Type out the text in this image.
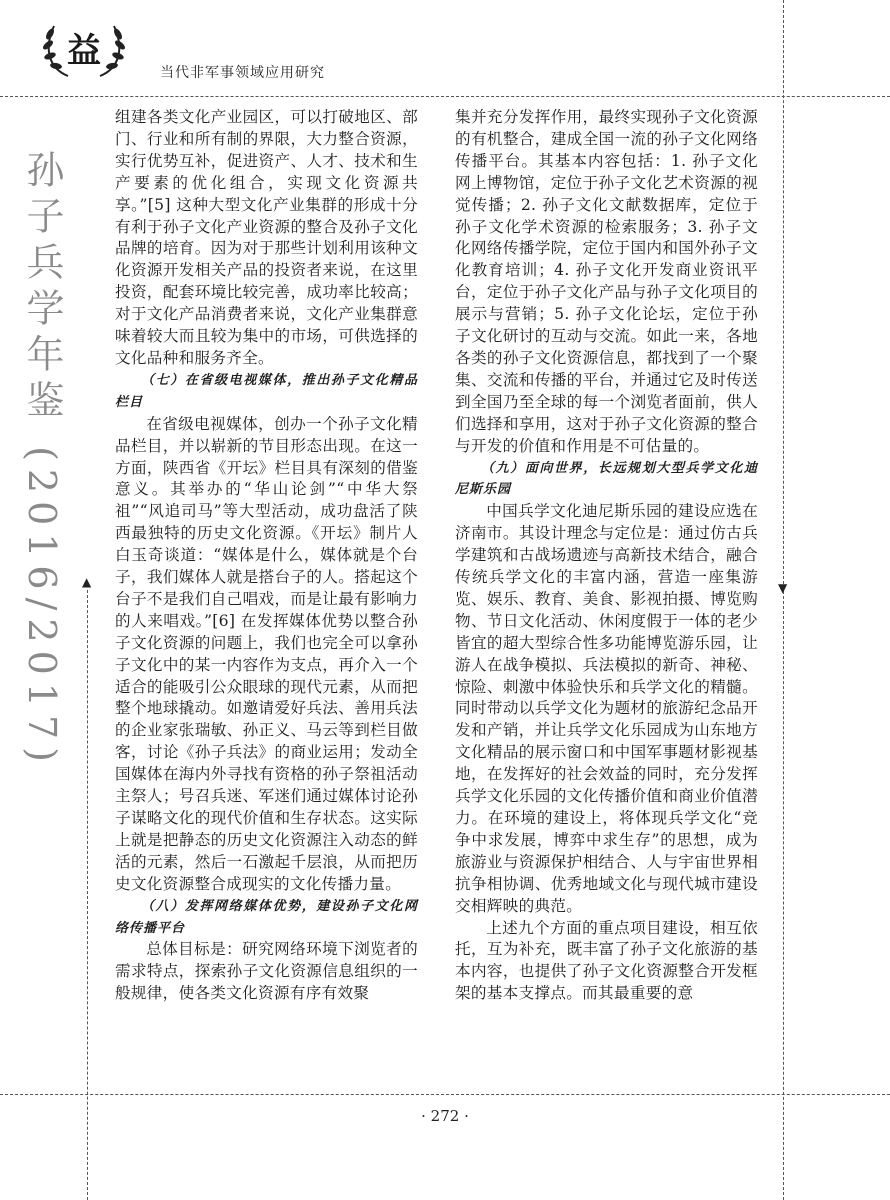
益
当代非军事领域应用研究
孙子兵学年鉴 (2016/2017) ▲	▼

组建各类文化产业园区，可以打破地区、部门、行业和所有制的界限，大力整合资源，实行优势互补，促进资产、人才、技术和生产要素的优化组合，实现文化资源共享。”[5] 这种大型文化产业集群的形成十分有利于孙子文化产业资源的整合及孙子文化品牌的培育。因为对于那些计划利用该种文化资源开发相关产品的投资者来说，在这里投资，配套环境比较完善，成功率比较高；对于文化产品消费者来说，文化产业集群意味着较大而且较为集中的市场，可供选择的文化品种和服务齐全。

（七）在省级电视媒体，推出孙子文化精品栏目

在省级电视媒体，创办一个孙子文化精品栏目，并以崭新的节目形态出现。在这一方面，陕西省《开坛》栏目具有深刻的借鉴意义。其举办的“华山论剑”“中华大祭祖”“风追司马”等大型活动，成功盘活了陕西最独特的历史文化资源。《开坛》制片人白玉奇谈道：“媒体是什么，媒体就是个台子，我们媒体人就是搭台子的人。搭起这个台子不是我们自己唱戏，而是让最有影响力的人来唱戏。”[6] 在发挥媒体优势以整合孙子文化资源的问题上，我们也完全可以拿孙子文化中的某一内容作为支点，再介入一个适合的能吸引公众眼球的现代元素，从而把整个地球撬动。如邀请爱好兵法、善用兵法的企业家张瑞敏、孙正义、马云等到栏目做客，讨论《孙子兵法》的商业运用；发动全国媒体在海内外寻找有资格的孙子祭祖活动主祭人；号召兵迷、军迷们通过媒体讨论孙子谋略文化的现代价值和生存状态。这实际上就是把静态的历史文化资源注入动态的鲜活的元素，然后一石激起千层浪，从而把历史文化资源整合成现实的文化传播力量。

（八）发挥网络媒体优势，建设孙子文化网络传播平台

总体目标是：研究网络环境下浏览者的需求特点，探索孙子文化资源信息组织的一般规律，使各类文化资源有序有效聚

集并充分发挥作用，最终实现孙子文化资源的有机整合，建成全国一流的孙子文化网络传播平台。其基本内容包括：1. 孙子文化网上博物馆，定位于孙子文化艺术资源的视觉传播；2. 孙子文化文献数据库，定位于孙子文化学术资源的检索服务；3. 孙子文化网络传播学院，定位于国内和国外孙子文化教育培训；4. 孙子文化开发商业资讯平台，定位于孙子文化产品与孙子文化项目的展示与营销；5. 孙子文化论坛，定位于孙子文化研讨的互动与交流。如此一来，各地各类的孙子文化资源信息，都找到了一个聚集、交流和传播的平台，并通过它及时传送到全国乃至全球的每一个浏览者面前，供人们选择和享用，这对于孙子文化资源的整合与开发的价值和作用是不可估量的。

（九）面向世界，长远规划大型兵学文化迪尼斯乐园

中国兵学文化迪尼斯乐园的建设应选在济南市。其设计理念与定位是：通过仿古兵学建筑和古战场遗迹与高新技术结合，融合传统兵学文化的丰富内涵，营造一座集游览、娱乐、教育、美食、影视拍摄、博览购物、节日文化活动、休闲度假于一体的老少皆宜的超大型综合性多功能博览游乐园，让游人在战争模拟、兵法模拟的新奇、神秘、惊险、刺激中体验快乐和兵学文化的精髓。同时带动以兵学文化为题材的旅游纪念品开发和产销，并让兵学文化乐园成为山东地方文化精品的展示窗口和中国军事题材影视基地，在发挥好的社会效益的同时，充分发挥兵学文化乐园的文化传播价值和商业价值潜力。在环境的建设上，将体现兵学文化“竞争中求发展，博弈中求生存”的思想，成为旅游业与资源保护相结合、人与宇宙世界相抗争相协调、优秀地域文化与现代城市建设交相辉映的典范。

上述九个方面的重点项目建设，相互依托，互为补充，既丰富了孙子文化旅游的基本内容，也提供了孙子文化资源整合开发框架的基本支撑点。而其最重要的意

· 272 ·
